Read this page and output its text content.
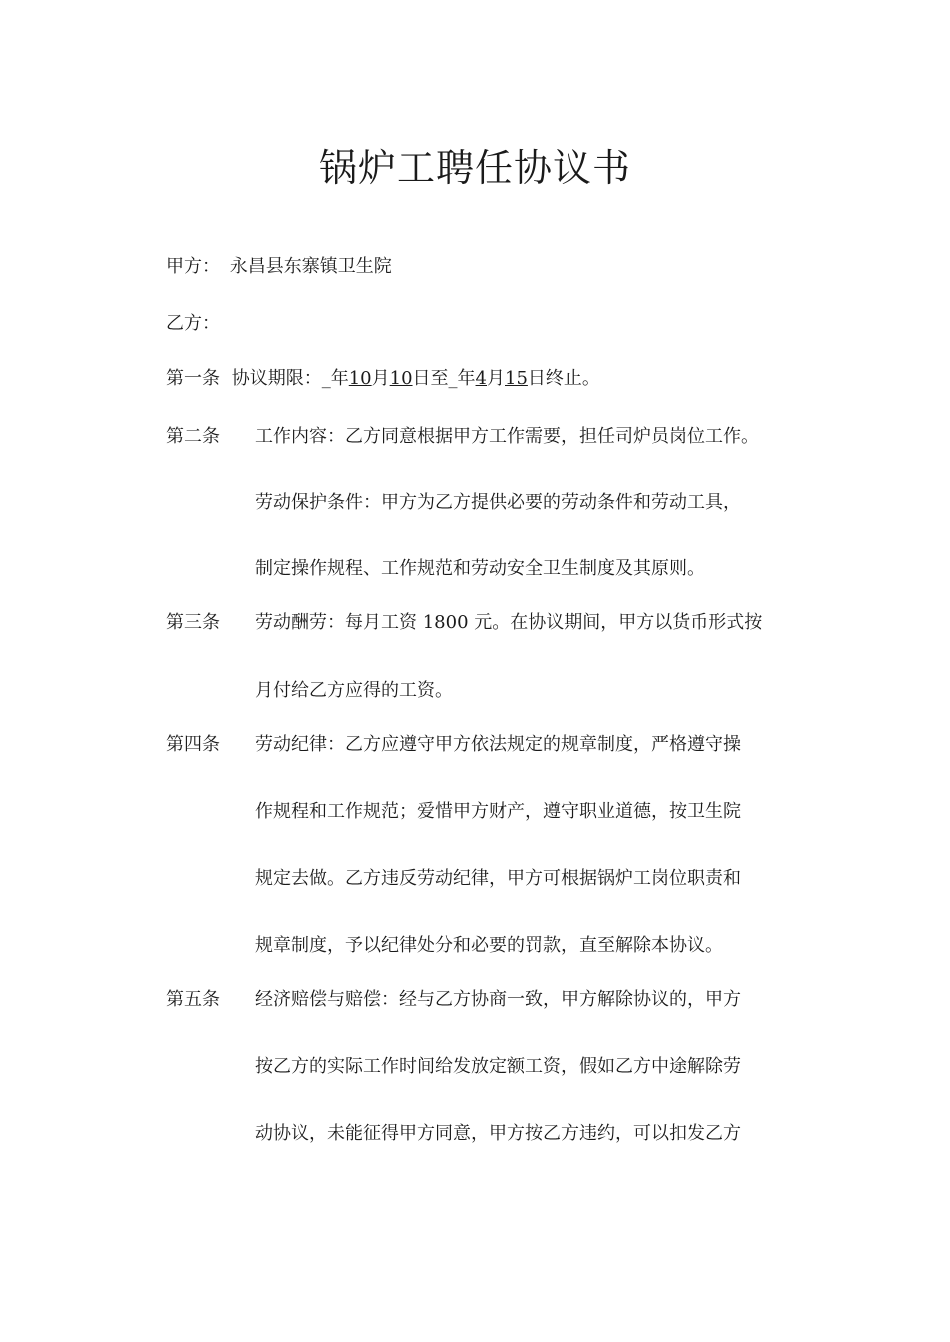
锅炉工聘任协议书
甲方： 永昌县东寨镇卫生院
乙方：
第一条 协议期限：_年10月10日至_年4月15日终止。
第二条 工作内容：乙方同意根据甲方工作需要，担任司炉员岗位工作。
劳动保护条件：甲方为乙方提供必要的劳动条件和劳动工具，
制定操作规程、工作规范和劳动安全卫生制度及其原则。
第三条 劳动酬劳：每月工资 1800 元。在协议期间，甲方以货币形式按
月付给乙方应得的工资。
第四条 劳动纪律：乙方应遵守甲方依法规定的规章制度，严格遵守操
作规程和工作规范；爱惜甲方财产，遵守职业道德，按卫生院
规定去做。乙方违反劳动纪律，甲方可根据锅炉工岗位职责和
规章制度，予以纪律处分和必要的罚款，直至解除本协议。
第五条 经济赔偿与赔偿：经与乙方协商一致，甲方解除协议的，甲方
按乙方的实际工作时间给发放定额工资，假如乙方中途解除劳
动协议，未能征得甲方同意，甲方按乙方违约，可以扣发乙方
